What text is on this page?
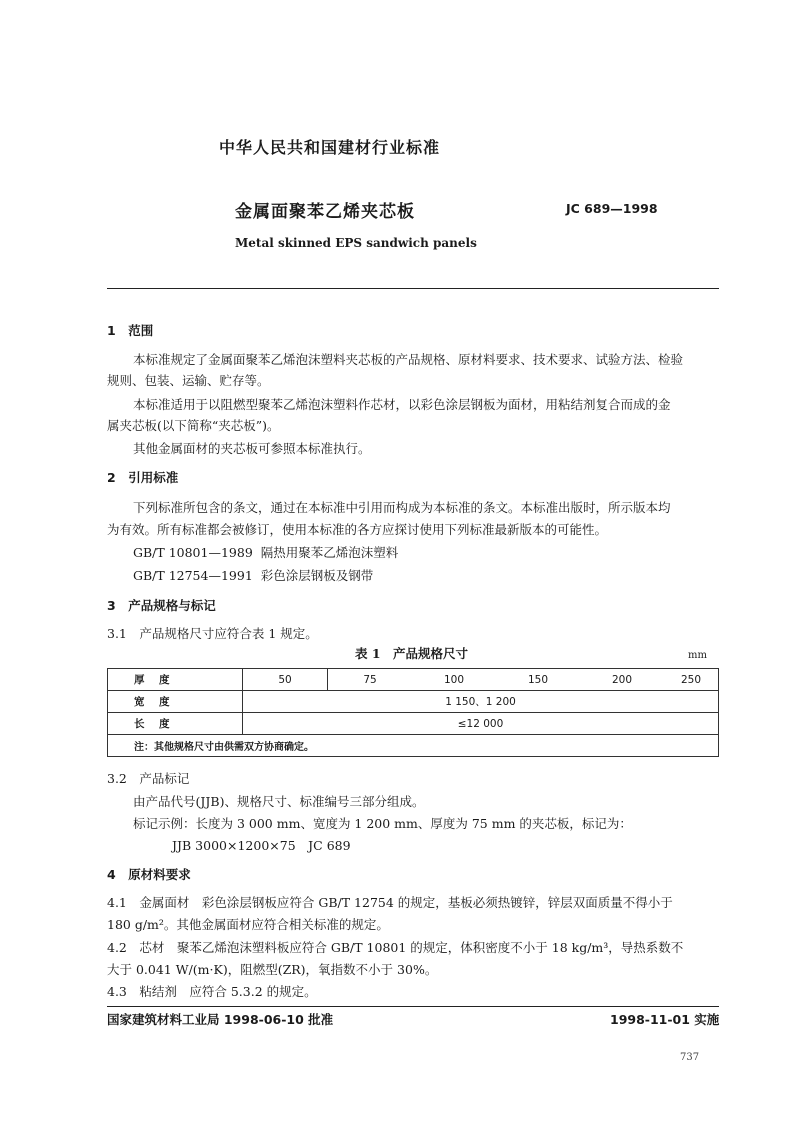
中华人民共和国建材行业标准
金属面聚苯乙烯夹芯板	JC 689—1998
Metal skinned EPS sandwich panels
1　范围
本标准规定了金属面聚苯乙烯泡沫塑料夹芯板的产品规格、原材料要求、技术要求、试验方法、检验
规则、包装、运输、贮存等。
本标准适用于以阻燃型聚苯乙烯泡沫塑料作芯材，以彩色涂层钢板为面材，用粘结剂复合而成的金
属夹芯板(以下简称“夹芯板”)。
其他金属面材的夹芯板可参照本标准执行。
2　引用标准
下列标准所包含的条文，通过在本标准中引用而构成为本标准的条文。本标准出版时，所示版本均
为有效。所有标准都会被修订，使用本标准的各方应探讨使用下列标准最新版本的可能性。
GB/T 10801—1989 隔热用聚苯乙烯泡沫塑料
GB/T 12754—1991 彩色涂层钢板及钢带
3　产品规格与标记
3.1　产品规格尺寸应符合表 1 规定。
表 1　产品规格尺寸	mm
厚　度	50	75	100	150	200	250
宽　度	1 150、1 200					
长　度	≤12 000					
注：其他规格尺寸由供需双方协商确定。						
3.2　产品标记
由产品代号(JJB)、规格尺寸、标准编号三部分组成。
标记示例：长度为 3 000 mm、宽度为 1 200 mm、厚度为 75 mm 的夹芯板，标记为：
JJB 3000×1200×75　JC 689
4　原材料要求
4.1　金属面材　彩色涂层钢板应符合 GB/T 12754 的规定，基板必须热镀锌，锌层双面质量不得小于
180 g/m²。其他金属面材应符合相关标准的规定。
4.2　芯材　聚苯乙烯泡沫塑料板应符合 GB/T 10801 的规定，体积密度不小于 18 kg/m³，导热系数不
大于 0.041 W/(m·K)，阻燃型(ZR)，氧指数不小于 30%。
4.3　粘结剂　应符合 5.3.2 的规定。
国家建筑材料工业局 1998-06-10 批准	1998-11-01 实施
737
